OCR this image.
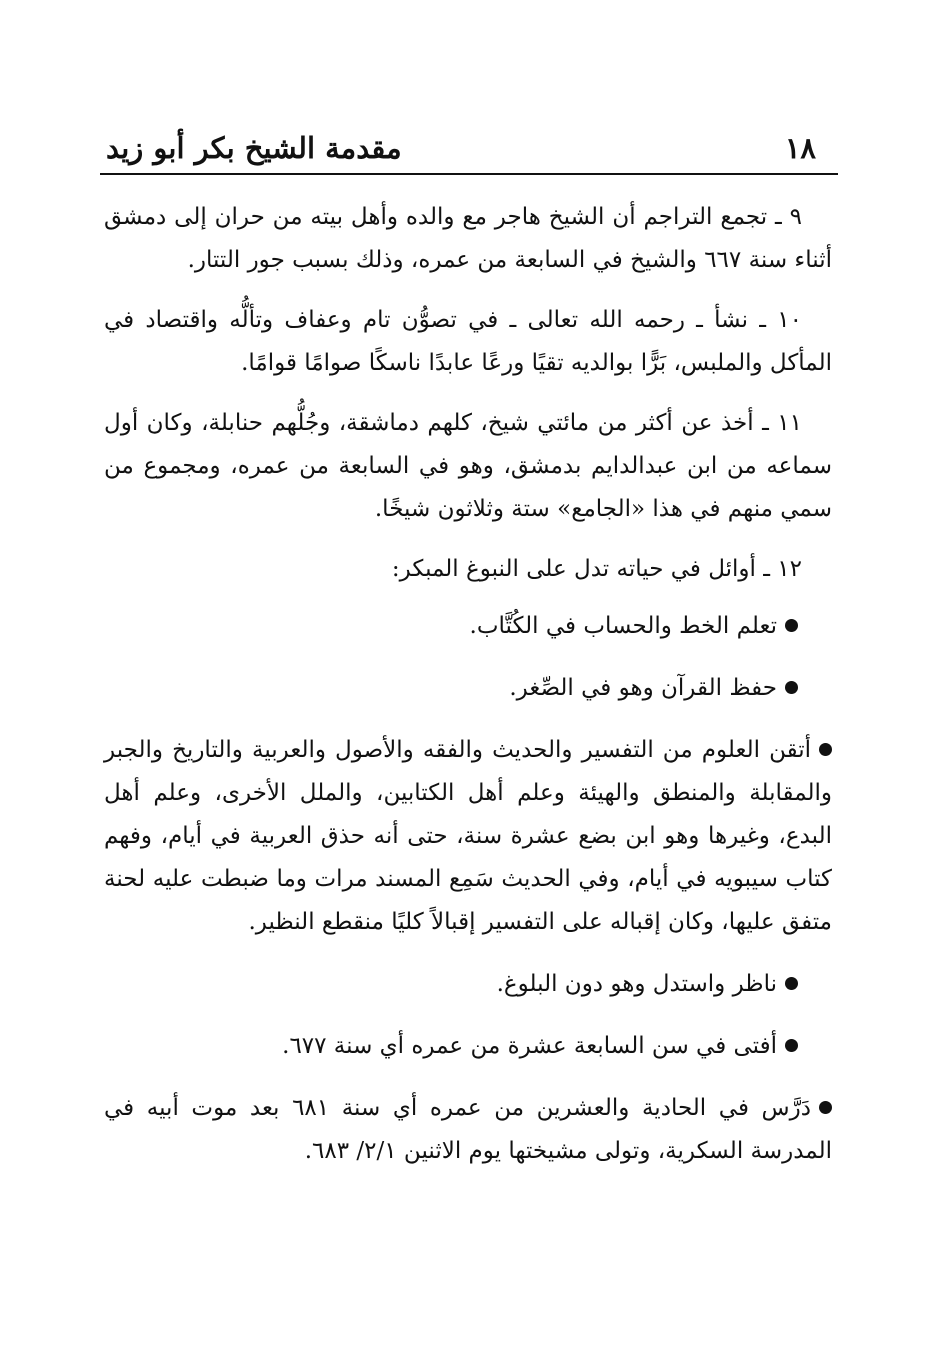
١٨
مقدمة الشيخ بكر أبو زيد

٩ ـ تجمع التراجم أن الشيخ هاجر مع والده وأهل بيته من حران إلى دمشق أثناء سنة ٦٦٧ والشيخ في السابعة من عمره، وذلك بسبب جور التتار.

١٠ ـ نشأ ـ رحمه الله تعالى ـ في تصوُّن تام وعفاف وتألُّه واقتصاد في المأكل والملبس، بَرًّا بوالديه تقيًا ورعًا عابدًا ناسكًا صوامًا قوامًا.

١١ ـ أخذ عن أكثر من مائتي شيخ، كلهم دماشقة، وجُلُّهم حنابلة، وكان أول سماعه من ابن عبدالدايم بدمشق، وهو في السابعة من عمره، ومجموع من سمي منهم في هذا «الجامع» ستة وثلاثون شيخًا.

١٢ ـ أوائل في حياته تدل على النبوغ المبكر:

تعلم الخط والحساب في الكُتَّاب.

حفظ القرآن وهو في الصِّغر.

أتقن العلوم من التفسير والحديث والفقه والأصول والعربية والتاريخ والجبر والمقابلة والمنطق والهيئة وعلم أهل الكتابين، والملل الأخرى، وعلم أهل البدع، وغيرها وهو ابن بضع عشرة سنة، حتى أنه حذق العربية في أيام، وفهم كتاب سيبويه في أيام، وفي الحديث سَمِع المسند مرات وما ضبطت عليه لحنة متفق عليها، وكان إقباله على التفسير إقبالاً كليًا منقطع النظير.

ناظر واستدل وهو دون البلوغ.

أفتى في سن السابعة عشرة من عمره أي سنة ٦٧٧.

دَرَّس في الحادية والعشرين من عمره أي سنة ٦٨١ بعد موت أبيه في المدرسة السكرية، وتولى مشيختها يوم الاثنين ٢/١/ ٦٨٣.
